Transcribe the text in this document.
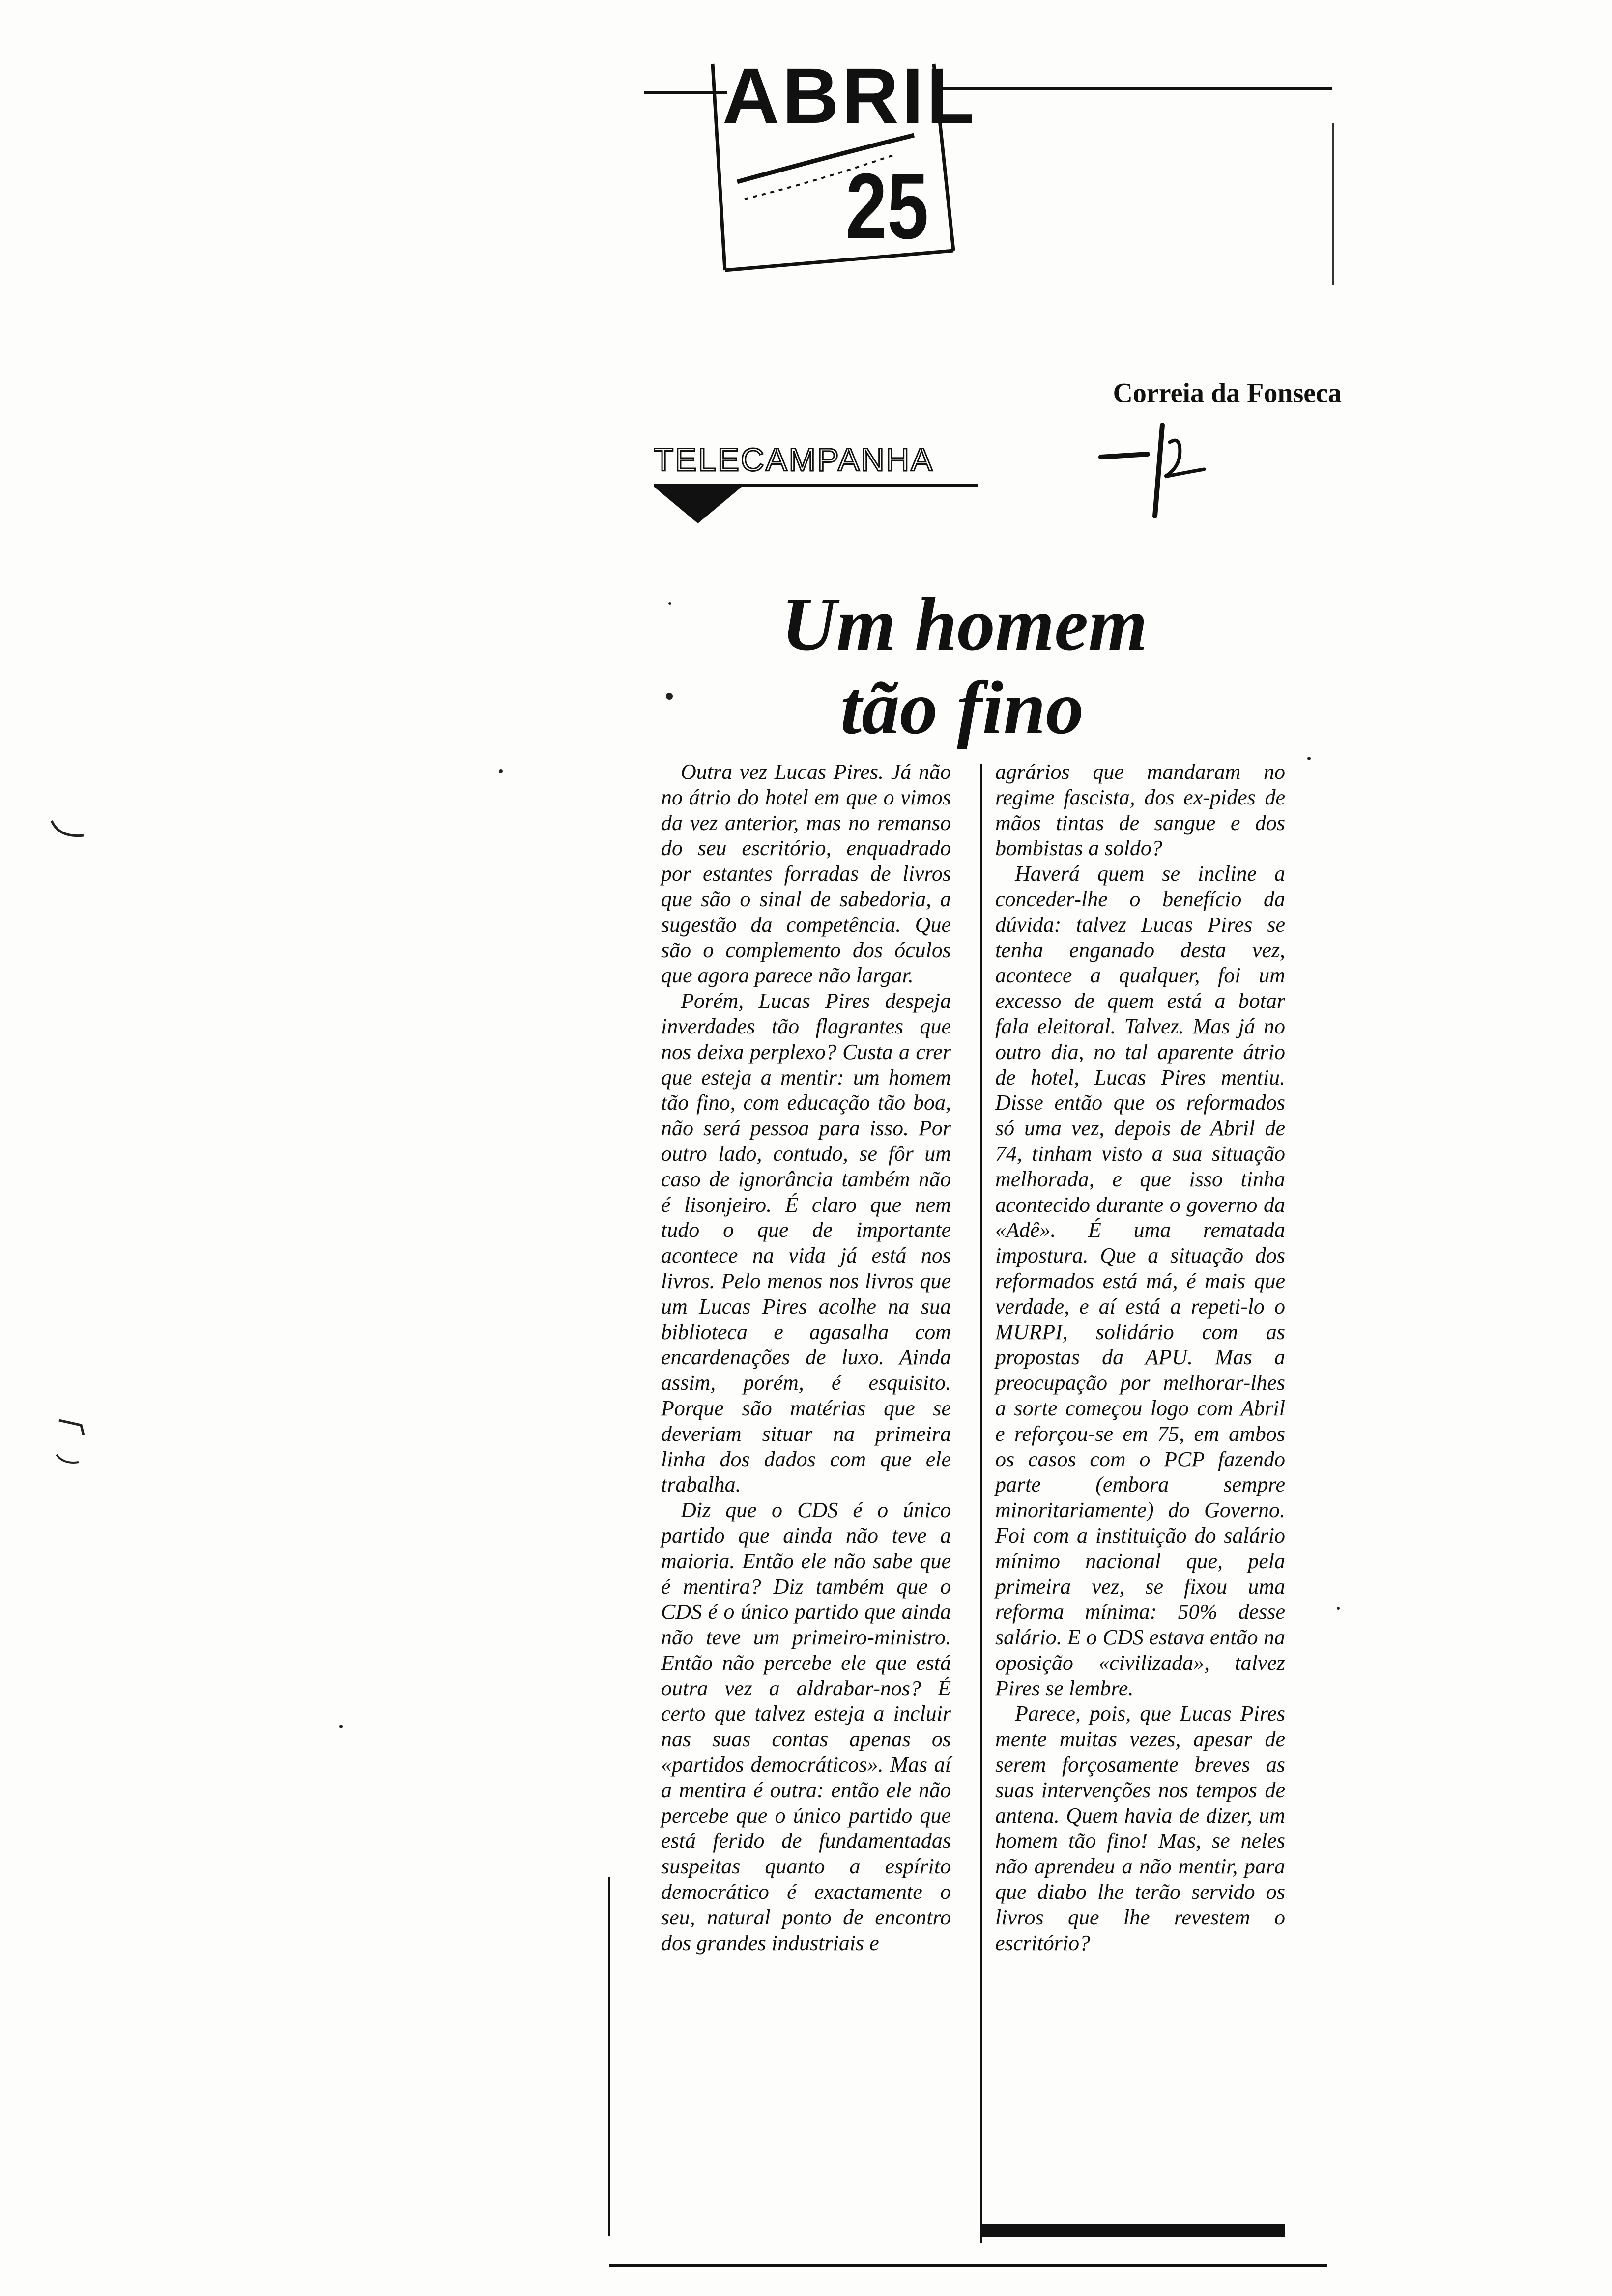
ABRIL
25
Correia da Fonseca
TELECAMPANHA
Um homem
tão fino

Outra vez Lucas Pires. Já não no átrio do hotel em que o vimos da vez anterior, mas no remanso do seu escritório, enquadrado por estantes forradas de livros que são o sinal de sabedoria, a sugestão da competência. Que são o complemento dos óculos que agora parece não largar.

Porém, Lucas Pires despeja inverdades tão flagrantes que nos deixa perplexo? Custa a crer que esteja a mentir: um homem tão fino, com educação tão boa, não será pessoa para isso. Por outro lado, contudo, se fôr um caso de ignorância também não é lisonjeiro. É claro que nem tudo o que de importante acontece na vida já está nos livros. Pelo menos nos livros que um Lucas Pires acolhe na sua biblioteca e agasalha com encardenações de luxo. Ainda assim, porém, é esquisito. Porque são matérias que se deveriam situar na primeira linha dos dados com que ele trabalha.

Diz que o CDS é o único partido que ainda não teve a maioria. Então ele não sabe que é mentira? Diz também que o CDS é o único partido que ainda não teve um primeiro-ministro. Então não percebe ele que está outra vez a aldrabar-nos? É certo que talvez esteja a incluir nas suas contas apenas os «partidos democráticos». Mas aí a mentira é outra: então ele não percebe que o único partido que está ferido de fundamentadas suspeitas quanto a espírito democrático é exactamente o seu, natural ponto de encontro dos grandes industriais e

agrários que mandaram no regime fascista, dos ex-pides de mãos tintas de sangue e dos bombistas a soldo?

Haverá quem se incline a conceder-lhe o benefício da dúvida: talvez Lucas Pires se tenha enganado desta vez, acontece a qualquer, foi um excesso de quem está a botar fala eleitoral. Talvez. Mas já no outro dia, no tal aparente átrio de hotel, Lucas Pires mentiu. Disse então que os reformados só uma vez, depois de Abril de 74, tinham visto a sua situação melhorada, e que isso tinha acontecido durante o governo da «Adê». É uma rematada impostura. Que a situação dos reformados está má, é mais que verdade, e aí está a repeti-lo o MURPI, solidário com as propostas da APU. Mas a preocupação por melhorar-lhes a sorte começou logo com Abril e reforçou-se em 75, em ambos os casos com o PCP fazendo parte (embora sempre minoritariamente) do Governo. Foi com a instituição do salário mínimo nacional que, pela primeira vez, se fixou uma reforma mínima: 50% desse salário. E o CDS estava então na oposição «civilizada», talvez Pires se lembre.

Parece, pois, que Lucas Pires mente muitas vezes, apesar de serem forçosamente breves as suas intervenções nos tempos de antena. Quem havia de dizer, um homem tão fino! Mas, se neles não aprendeu a não mentir, para que diabo lhe terão servido os livros que lhe revestem o escritório?
